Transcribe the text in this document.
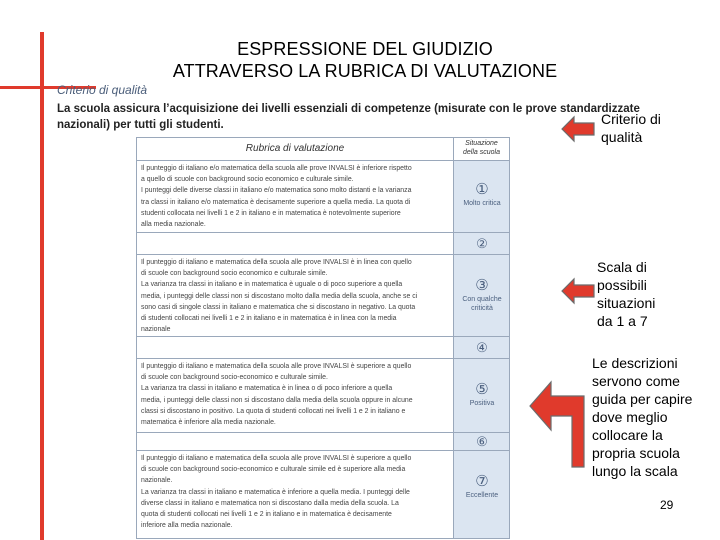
ESPRESSIONE DEL GIUDIZIO
ATTRAVERSO LA RUBRICA DI VALUTAZIONE
Criterio di qualità
La scuola assicura l’acquisizione dei livelli essenziali di competenze (misurate con le prove standardizzate
nazionali) per tutti gli studenti.
Rubrica di valutazione	Situazione
della scuola
Il punteggio di italiano e/o matematica della scuola alle prove INVALSI è inferiore rispetto
a quello di scuole con background socio economico e culturale simile.
I punteggi delle diverse classi in italiano e/o matematica sono molto distanti e la varianza
tra classi in italiano e/o matematica è decisamente superiore a quella media. La quota di
studenti collocata nei livelli 1 e 2 in italiano e in matematica è notevolmente superiore
alla media nazionale.
①
Molto critica
②
Il punteggio di italiano e matematica della scuola alle prove INVALSI è in linea con quello
di scuole con background socio economico e culturale simile.
La varianza tra classi in italiano e in matematica è uguale o di poco superiore a quella
media, i punteggi delle classi non si discostano molto dalla media della scuola, anche se ci
sono casi di singole classi in italiano e matematica che si discostano in negativo. La quota
di studenti collocati nei livelli 1 e 2 in italiano e in matematica è in linea con la media
nazionale
③
Con qualche
criticità
④
Il punteggio di italiano e matematica della scuola alle prove INVALSI è superiore a quello
di scuole con background socio-economico e culturale simile.
La varianza tra classi in italiano e matematica è in linea o di poco inferiore a quella
media, i punteggi delle classi non si discostano dalla media della scuola oppure in alcune
classi si discostano in positivo. La quota di studenti collocati nei livelli 1 e 2 in italiano e
matematica è inferiore alla media nazionale.
⑤
Positiva
⑥
Il punteggio di italiano e matematica della scuola alle prove INVALSI è superiore a quello
di scuole con background socio-economico e culturale simile ed è superiore alla media
nazionale.
La varianza tra classi in italiano e matematica è inferiore a quella media. I punteggi delle
diverse classi in italiano e matematica non si discostano dalla media della scuola. La
quota di studenti collocati nei livelli 1 e 2 in italiano e in matematica è decisamente
inferiore alla media nazionale.
⑦
Eccellente
Criterio di
qualità
Scala di
possibili
situazioni
da 1 a 7
Le descrizioni
servono come
guida per capire
dove meglio
collocare la
propria scuola
lungo la scala
29
